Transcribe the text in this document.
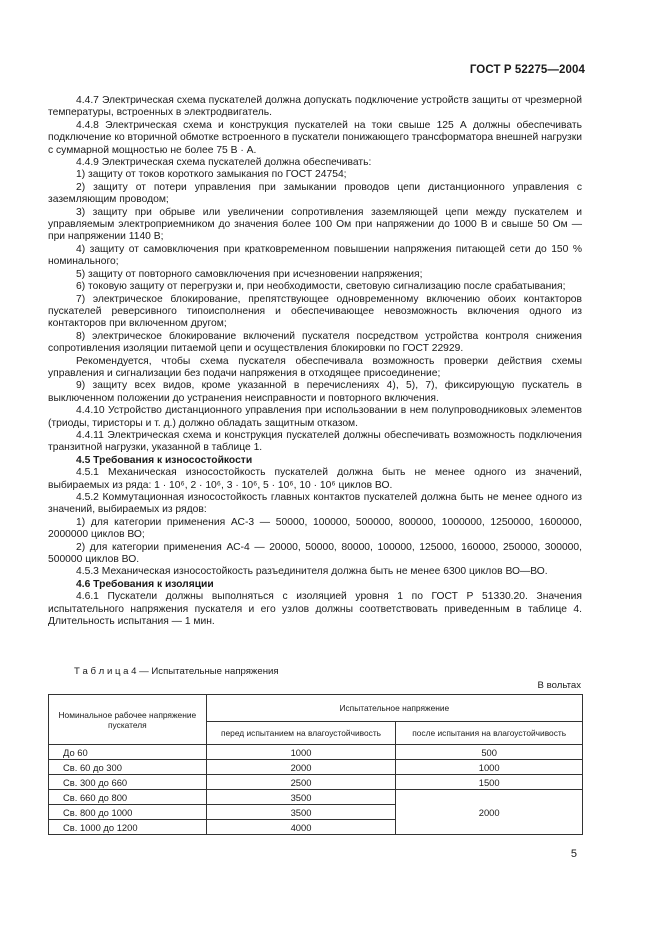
ГОСТ Р 52275—2004

4.4.7 Электрическая схема пускателей должна допускать подключение устройств защиты от чрезмерной температуры, встроенных в электродвигатель.

4.4.8 Электрическая схема и конструкция пускателей на токи свыше 125 А должны обеспечивать подключение ко вторичной обмотке встроенного в пускатели понижающего трансформатора внешней нагрузки с суммарной мощностью не более 75 В · А.

4.4.9 Электрическая схема пускателей должна обеспечивать:

1) защиту от токов короткого замыкания по ГОСТ 24754;

2) защиту от потери управления при замыкании проводов цепи дистанционного управления с заземляющим проводом;

3) защиту при обрыве или увеличении сопротивления заземляющей цепи между пускателем и управляемым электроприемником до значения более 100 Ом при напряжении до 1000 В и свыше 50 Ом — при напряжении 1140 В;

4) защиту от самовключения при кратковременном повышении напряжения питающей сети до 150 % номинального;

5) защиту от повторного самовключения при исчезновении напряжения;

6) токовую защиту от перегрузки и, при необходимости, световую сигнализацию после срабатывания;

7) электрическое блокирование, препятствующее одновременному включению обоих контакторов пускателей реверсивного типоисполнения и обеспечивающее невозможность включения одного из контакторов при включенном другом;

8) электрическое блокирование включений пускателя посредством устройства контроля снижения сопротивления изоляции питаемой цепи и осуществления блокировки по ГОСТ 22929.

Рекомендуется, чтобы схема пускателя обеспечивала возможность проверки действия схемы управления и сигнализации без подачи напряжения в отходящее присоединение;

9) защиту всех видов, кроме указанной в перечислениях 4), 5), 7), фиксирующую пускатель в выключенном положении до устранения неисправности и повторного включения.

4.4.10 Устройство дистанционного управления при использовании в нем полупроводниковых элементов (триоды, тиристоры и т. д.) должно обладать защитным отказом.

4.4.11 Электрическая схема и конструкция пускателей должны обеспечивать возможность подключения транзитной нагрузки, указанной в таблице 1.

4.5 Требования к износостойкости

4.5.1 Механическая износостойкость пускателей должна быть не менее одного из значений, выбираемых из ряда: 1 · 10⁶, 2 · 10⁶, 3 · 10⁶, 5 · 10⁶, 10 · 10⁶ циклов ВО.

4.5.2 Коммутационная износостойкость главных контактов пускателей должна быть не менее одного из значений, выбираемых из рядов:

1) для категории применения АС-3 — 50000, 100000, 500000, 800000, 1000000, 1250000, 1600000, 2000000 циклов ВО;

2) для категории применения АС-4 — 20000, 50000, 80000, 100000, 125000, 160000, 250000, 300000, 500000 циклов ВО.

4.5.3 Механическая износостойкость разъединителя должна быть не менее 6300 циклов ВО—ВО.

4.6 Требования к изоляции

4.6.1 Пускатели должны выполняться с изоляцией уровня 1 по ГОСТ Р 51330.20. Значения испытательного напряжения пускателя и его узлов должны соответствовать приведенным в таблице 4. Длительность испытания — 1 мин.

Т а б л и ц а 4 — Испытательные напряжения
В вольтах
Номинальное рабочее напряжение пускателя	Испытательное напряжение	
	перед испытанием на влагоустойчивость	после испытания на влагоустойчивость
До 60	1000	500
Св. 60 до 300	2000	1000
Св. 300 до 660	2500	1500
Св. 660 до 800	3500	2000
Св. 800 до 1000	3500	
Св. 1000 до 1200	4000	
5
